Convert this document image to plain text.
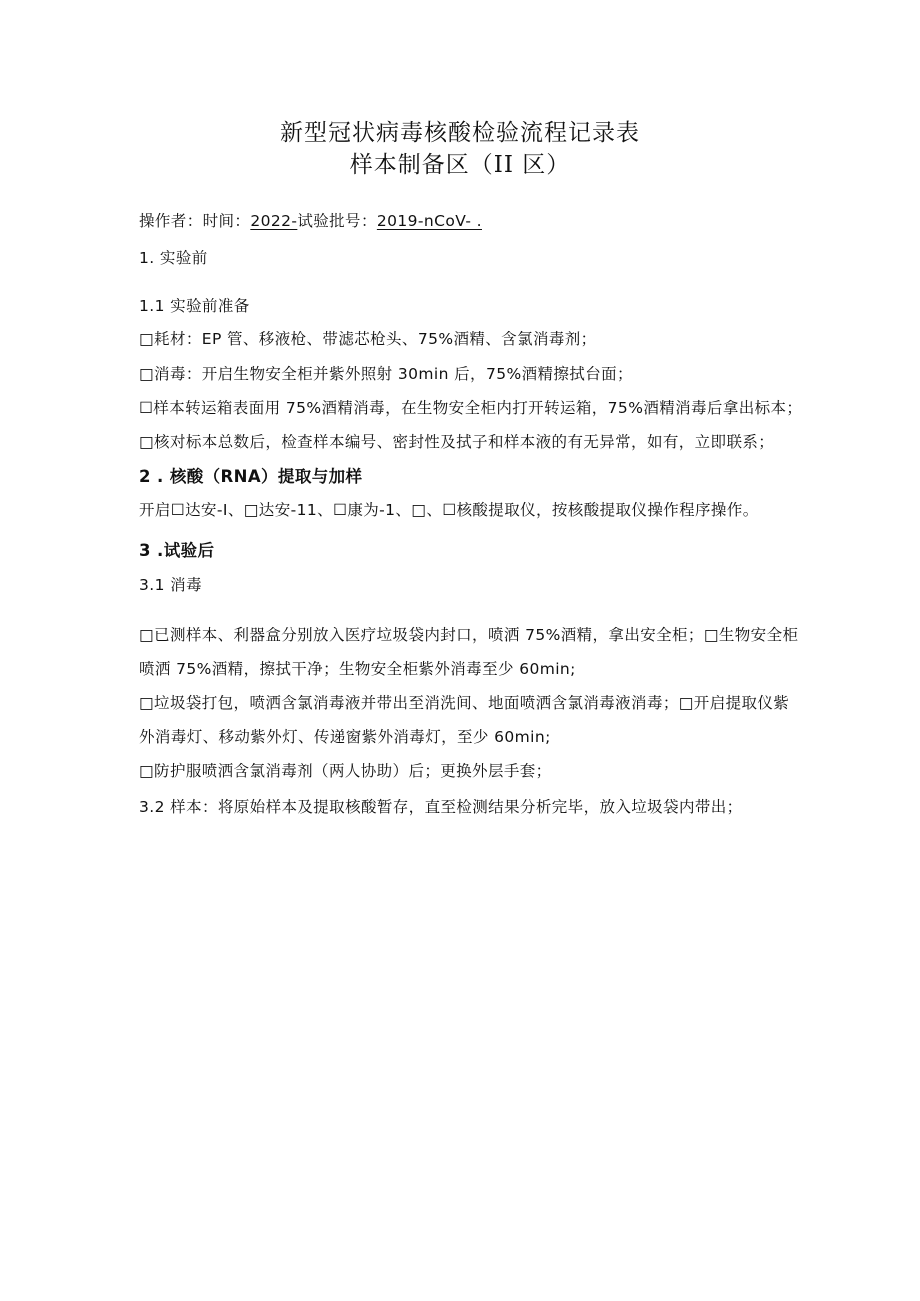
新型冠状病毒核酸检验流程记录表
样本制备区（II 区）
操作者：时间：2022-试验批号：2019-nCoV- .
1. 实验前
1.1 实验前准备
□耗材：EP 管、移液枪、带滤芯枪头、75%酒精、含氯消毒剂；
□消毒：开启生物安全柜并紫外照射 30min 后，75%酒精擦拭台面；
☐样本转运箱表面用 75%酒精消毒，在生物安全柜内打开转运箱，75%酒精消毒后拿出标本；
□核对标本总数后，检查样本编号、密封性及拭子和样本液的有无异常，如有，立即联系；
2 . 核酸（RNA）提取与加样
开启☐达安-I、□达安-11、☐康为-1、□、☐核酸提取仪，按核酸提取仪操作程序操作。
3 .试验后
3.1 消毒
□已测样本、利器盒分别放入医疗垃圾袋内封口，喷洒 75%酒精，拿出安全柜；□生物安全柜
喷洒 75%酒精，擦拭干净；生物安全柜紫外消毒至少 60min;
□垃圾袋打包，喷洒含氯消毒液并带出至消洗间、地面喷洒含氯消毒液消毒；□开启提取仪紫
外消毒灯、移动紫外灯、传递窗紫外消毒灯，至少 60min;
□防护服喷洒含氯消毒剂（两人协助）后；更换外层手套；
3.2 样本：将原始样本及提取核酸暂存，直至检测结果分析完毕，放入垃圾袋内带出；
